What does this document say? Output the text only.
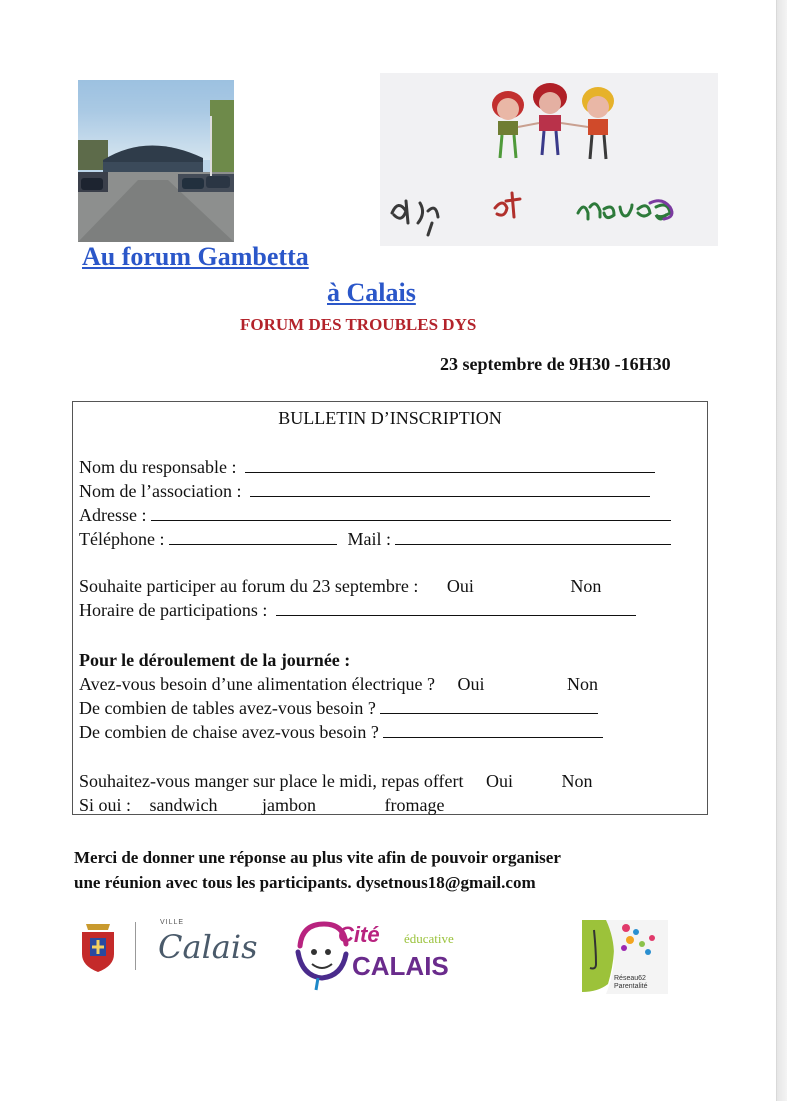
Au forum Gambetta
à Calais
FORUM DES TROUBLES DYS
23 septembre de 9H30 -16H30
BULLETIN D’INSCRIPTION
Nom du responsable :
Nom de l’association :
Adresse :
Téléphone :	Mail :
Souhaite participer au forum du 23 septembre : Oui	Non
Horaire de participations :
Pour le déroulement de la journée :
Avez-vous besoin d’une alimentation électrique ? Oui	Non
De combien de tables avez-vous besoin ?
De combien de chaise avez-vous besoin ?
Souhaitez-vous manger sur place le midi, repas offert Oui	Non
Si oui : sandwich jambon	fromage
Merci de donner une réponse au plus vite afin de pouvoir organiser
une réunion avec tous les participants. dysetnous18@gmail.com
VILLE
Calais	Cité éducative
CALAIS	Réseau62
Parentalité
